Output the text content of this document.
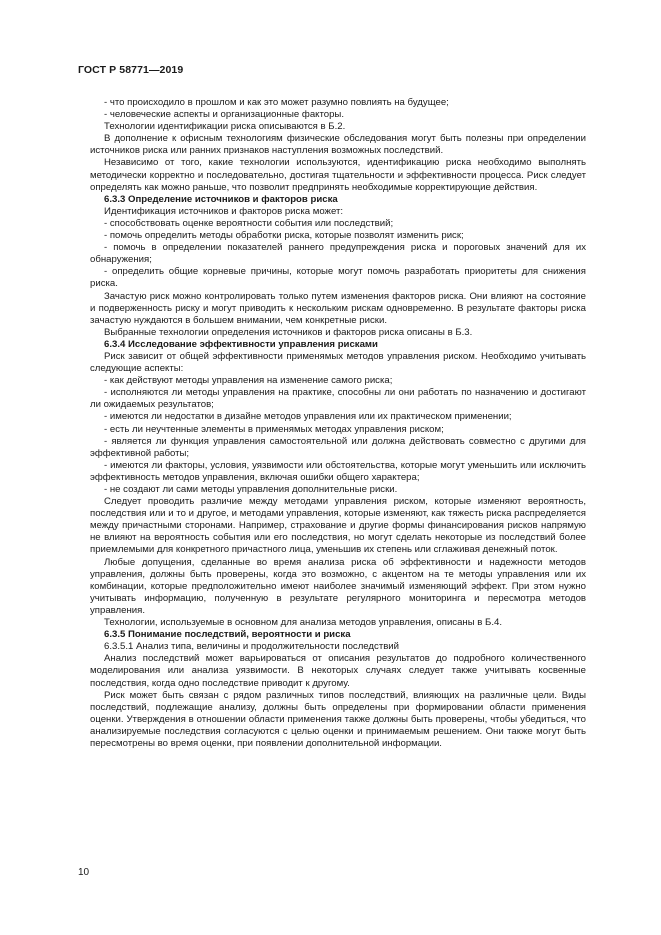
ГОСТ Р 58771—2019

- что происходило в прошлом и как это может разумно повлиять на будущее;

- человеческие аспекты и организационные факторы.

Технологии идентификации риска описываются в Б.2.

В дополнение к офисным технологиям физические обследования могут быть полезны при определении источников риска или ранних признаков наступления возможных последствий.

Независимо от того, какие технологии используются, идентификацию риска необходимо выполнять методически корректно и последовательно, достигая тщательности и эффективности процесса. Риск следует определять как можно раньше, что позволит предпринять необходимые корректирующие действия.

6.3.3 Определение источников и факторов риска

Идентификация источников и факторов риска может:

- способствовать оценке вероятности события или последствий;

- помочь определить методы обработки риска, которые позволят изменить риск;

- помочь в определении показателей раннего предупреждения риска и пороговых значений для их обнаружения;

- определить общие корневые причины, которые могут помочь разработать приоритеты для снижения риска.

Зачастую риск можно контролировать только путем изменения факторов риска. Они влияют на состояние и подверженность риску и могут приводить к нескольким рискам одновременно. В результате факторы риска зачастую нуждаются в большем внимании, чем конкретные риски.

Выбранные технологии определения источников и факторов риска описаны в Б.3.

6.3.4 Исследование эффективности управления рисками

Риск зависит от общей эффективности применямых методов управления риском. Необходимо учитывать следующие аспекты:

- как действуют методы управления на изменение самого риска;

- исполняются ли методы управления на практике, способны ли они работать по назначению и достигают ли ожидаемых результатов;

- имеются ли недостатки в дизайне методов управления или их практическом применении;

- есть ли неучтенные элементы в применямых методах управления риском;

- является ли функция управления самостоятельной или должна действовать совместно с другими для эффективной работы;

- имеются ли факторы, условия, уязвимости или обстоятельства, которые могут уменьшить или исключить эффективность методов управления, включая ошибки общего характера;

- не создают ли сами методы управления дополнительные риски.

Следует проводить различие между методами управления риском, которые изменяют вероятность, последствия или и то и другое, и методами управления, которые изменяют, как тяжесть риска распределяется между причастными сторонами. Например, страхование и другие формы финансирования рисков напрямую не влияют на вероятность события или его последствия, но могут сделать некоторые из последствий более приемлемыми для конкретного причастного лица, уменьшив их степень или сглаживая денежный поток.

Любые допущения, сделанные во время анализа риска об эффективности и надежности методов управления, должны быть проверены, когда это возможно, с акцентом на те методы управления или их комбинации, которые предположительно имеют наиболее значимый изменяющий эффект. При этом нужно учитывать информацию, полученную в результате регулярного мониторинга и пересмотра методов управления.

Технологии, используемые в основном для анализа методов управления, описаны в Б.4.

6.3.5 Понимание последствий, вероятности и риска

6.3.5.1 Анализ типа, величины и продолжительности последствий

Анализ последствий может варьироваться от описания результатов до подробного количественного моделирования или анализа уязвимости. В некоторых случаях следует также учитывать косвенные последствия, когда одно последствие приводит к другому.

Риск может быть связан с рядом различных типов последствий, влияющих на различные цели. Виды последствий, подлежащие анализу, должны быть определены при формировании области применения оценки. Утверждения в отношении области применения также должны быть проверены, чтобы убедиться, что анализируемые последствия согласуются с целью оценки и принимаемым решением. Они также могут быть пересмотрены во время оценки, при появлении дополнительной информации.

10
